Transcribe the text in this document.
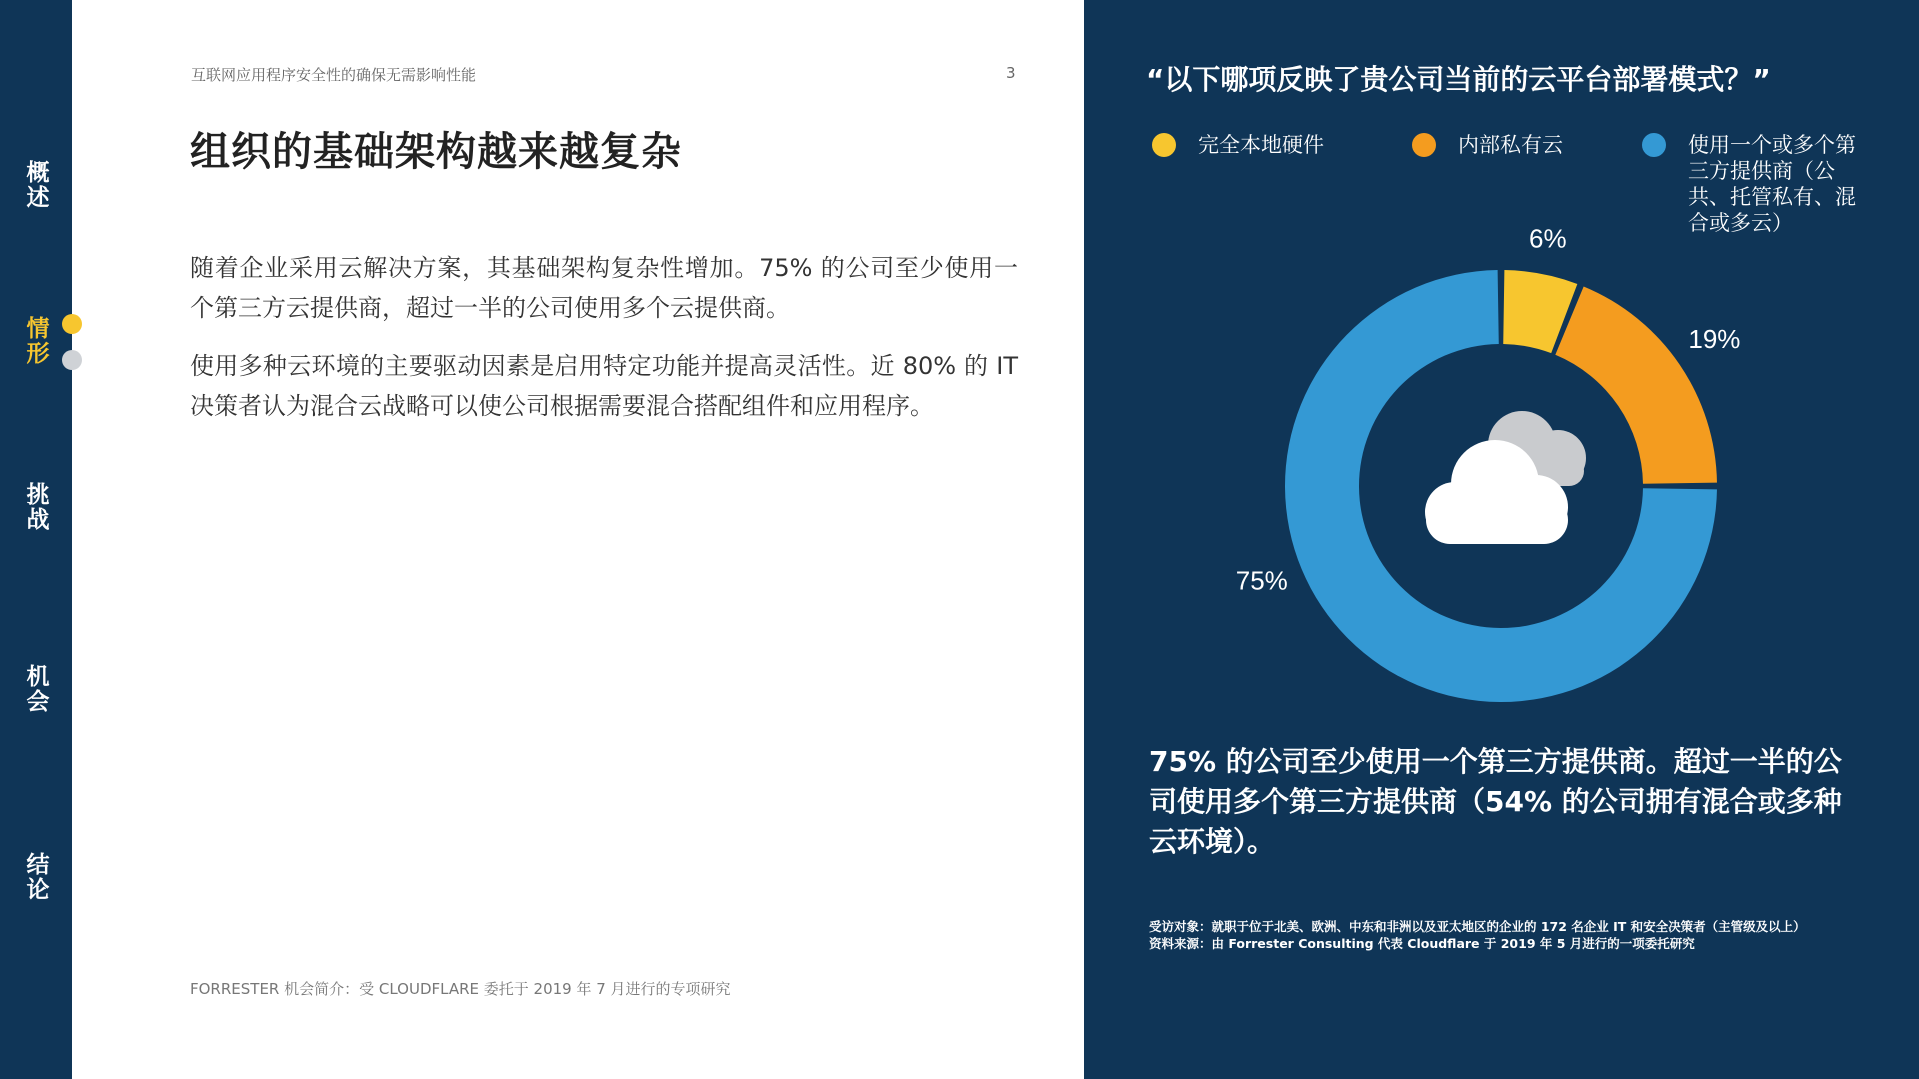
概述
情形
挑战
机会
结论
互联网应用程序安全性的确保无需影响性能	3
组织的基础架构越来越复杂
随着企业采用云解决方案，其基础架构复杂性增加。75% 的公司至少使用一个第三方云提供商，超过一半的公司使用多个云提供商。
使用多种云环境的主要驱动因素是启用特定功能并提高灵活性。近 80% 的 IT 决策者认为混合云战略可以使公司根据需要混合搭配组件和应用程序。
FORRESTER 机会简介：受 CLOUDFLARE 委托于 2019 年 7 月进行的专项研究
“以下哪项反映了贵公司当前的云平台部署模式？”
完全本地硬件	内部私有云	使用一个或多个第三方提供商（公共、托管私有、混合或多云）
6%
19%
75%
75% 的公司至少使用一个第三方提供商。超过一半的公司使用多个第三方提供商（54% 的公司拥有混合或多种云环境）。
受访对象：就职于位于北美、欧洲、中东和非洲以及亚太地区的企业的 172 名企业 IT 和安全决策者（主管级及以上）
资料来源：由 Forrester Consulting 代表 Cloudflare 于 2019 年 5 月进行的一项委托研究
